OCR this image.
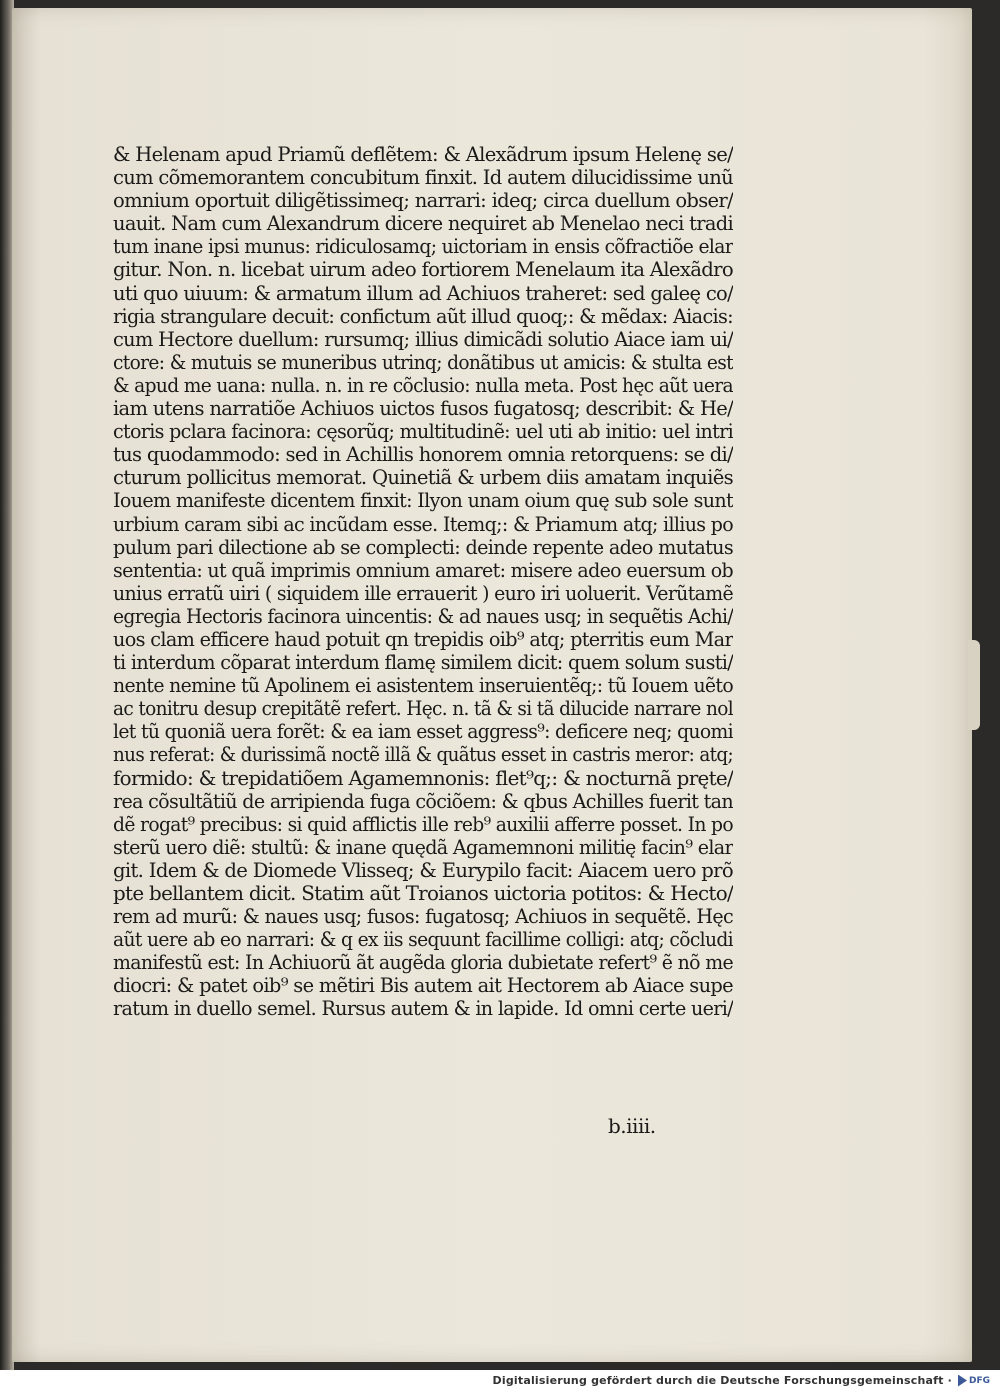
& Helenam apud Priamũ deflẽtem: & Alexãdrum ipsum Helenę se/
cum cõmemorantem concubitum finxit. Id autem dilucidissime unũ
omnium oportuit diligẽtissimeq; narrari: ideq; circa duellum obser/
uauit. Nam cum Alexandrum dicere nequiret ab Menelao neci tradi
tum inane ipsi munus: ridiculosamq; uictoriam in ensis cõfractiõe elar
gitur. Non. n. licebat uirum adeo fortiorem Menelaum ita Alexãdro
uti quo uiuum: & armatum illum ad Achiuos traheret: sed galeę co/
rigia strangulare decuit: confictum aũt illud quoq;: & mẽdax: Aiacis:
cum Hectore duellum: rursumq; illius dimicãdi solutio Aiace iam ui/
ctore: & mutuis se muneribus utrinq; donãtibus ut amicis: & stulta est
& apud me uana: nulla. n. in re cõclusio: nulla meta. Post hęc aũt uera
iam utens narratiõe Achiuos uictos fusos fugatosq; describit: & He/
ctoris pclara facinora: cęsorũq; multitudinẽ: uel uti ab initio: uel intri
tus quodammodo: sed in Achillis honorem omnia retorquens: se di/
cturum pollicitus memorat. Quinetiã & urbem diis amatam inquiẽs
Iouem manifeste dicentem finxit: Ilyon unam oium quę sub sole sunt
urbium caram sibi ac incũdam esse. Itemq;: & Priamum atq; illius po
pulum pari dilectione ab se complecti: deinde repente adeo mutatus
sententia: ut quã imprimis omnium amaret: misere adeo euersum ob
unius erratũ uiri ( siquidem ille errauerit ) euro iri uoluerit. Verũtamẽ
egregia Hectoris facinora uincentis: & ad naues usq; in sequẽtis Achi/
uos clam efficere haud potuit qn trepidis oib⁹ atq; pterritis eum Mar
ti interdum cõparat interdum flamę similem dicit: quem solum susti/
nente nemine tũ Apolinem ei asistentem inseruientẽq;: tũ Iouem uẽto
ac tonitru desup crepitãtẽ refert. Hęc. n. tã & si tã dilucide narrare nol
let tũ quoniã uera forẽt: & ea iam esset aggress⁹: deficere neq; quomi
nus referat: & durissimã noctẽ illã & quãtus esset in castris meror: atq;
formido: & trepidatiõem Agamemnonis: flet⁹q;: & nocturnã pręte/
rea cõsultãtiũ de arripienda fuga cõciõem: & qbus Achilles fuerit tan
dẽ rogat⁹ precibus: si quid afflictis ille reb⁹ auxilii afferre posset. In po
sterũ uero diẽ: stultũ: & inane quędã Agamemnoni militię facin⁹ elar
git. Idem & de Diomede Vlisseq; & Eurypilo facit: Aiacem uero prõ
pte bellantem dicit. Statim aũt Troianos uictoria potitos: & Hecto/
rem ad murũ: & naues usq; fusos: fugatosq; Achiuos in sequẽtẽ. Hęc
aũt uere ab eo narrari: & q ex iis sequunt facillime colligi: atq; cõcludi
manifestũ est: In Achiuorũ ãt augẽda gloria dubietate refert⁹ ẽ nõ me
diocri: & patet oib⁹ se mẽtiri Bis autem ait Hectorem ab Aiace supe
ratum in duello semel. Rursus autem & in lapide. Id omni certe ueri/
b.iiii.
Digitalisierung gefördert durch die Deutsche Forschungsgemeinschaft · DFG
